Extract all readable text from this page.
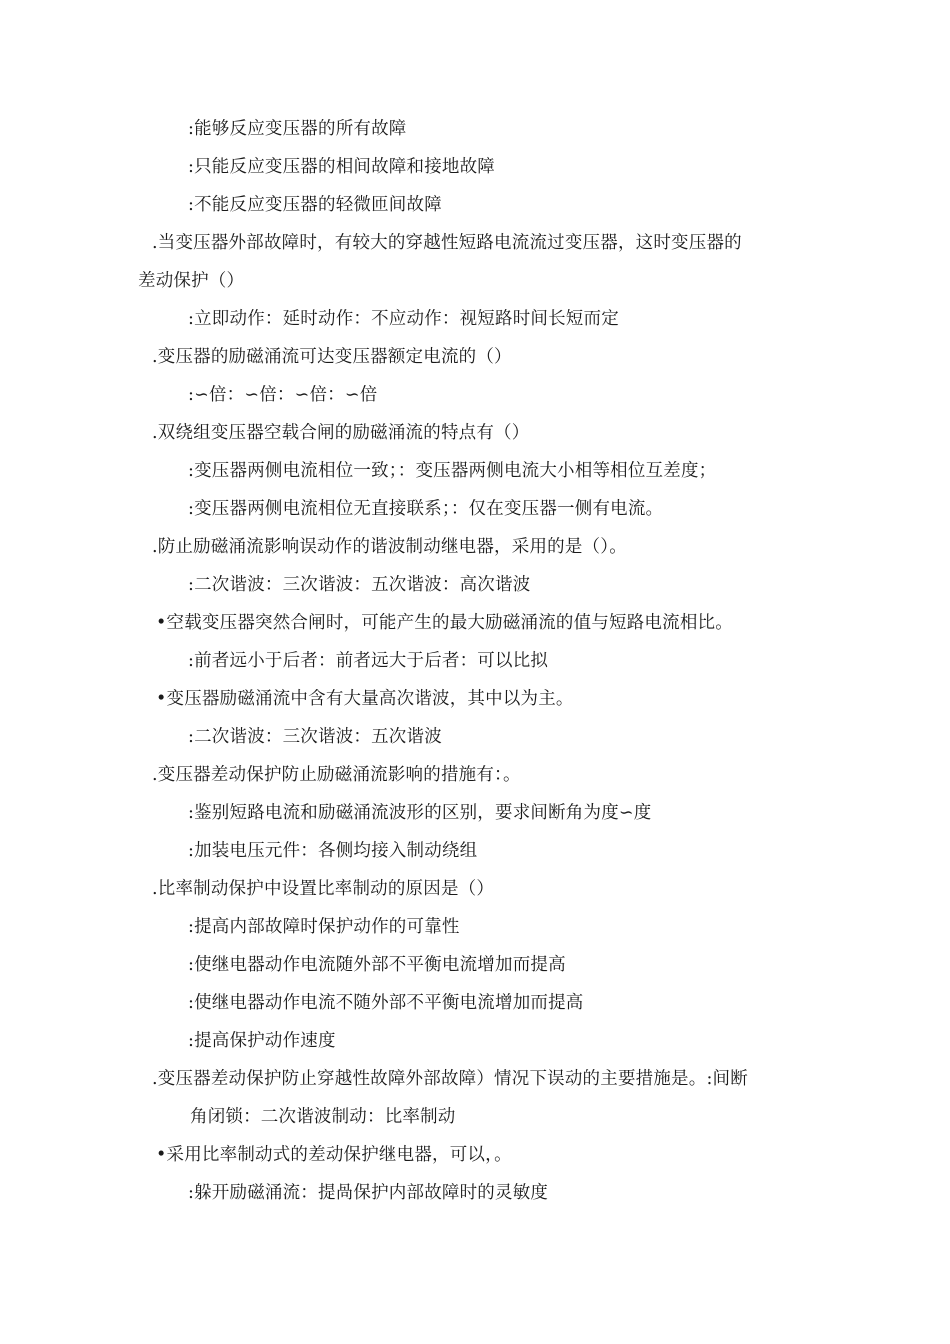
:能够反应变压器的所有故障
:只能反应变压器的相间故障和接地故障
:不能反应变压器的轻微匝间故障
.当变压器外部故障时，有较大的穿越性短路电流流过变压器，这时变压器的
差动保护（）
:立即动作：延时动作：不应动作：视短路时间长短而定
.变压器的励磁涌流可达变压器额定电流的（）
:∽倍：∽倍：∽倍：∽倍
.双绕组变压器空载合闸的励磁涌流的特点有（）
:变压器两侧电流相位一致；：变压器两侧电流大小相等相位互差度；
:变压器两侧电流相位无直接联系；：仅在变压器一侧有电流。
.防止励磁涌流影响误动作的谐波制动继电器，采用的是（）。
:二次谐波：三次谐波：五次谐波：高次谐波
•空载变压器突然合闸时，可能产生的最大励磁涌流的值与短路电流相比。
:前者远小于后者：前者远大于后者：可以比拟
•变压器励磁涌流中含有大量高次谐波，其中以为主。
:二次谐波：三次谐波：五次谐波
.变压器差动保护防止励磁涌流影响的措施有：。
:鉴别短路电流和励磁涌流波形的区别，要求间断角为度∽度
:加装电压元件：各侧均接入制动绕组
.比率制动保护中设置比率制动的原因是（）
:提高内部故障时保护动作的可靠性
:使继电器动作电流随外部不平衡电流增加而提高
:使继电器动作电流不随外部不平衡电流增加而提高
:提高保护动作速度
.变压器差动保护防止穿越性故障外部故障）情况下误动的主要措施是。:间断
角闭锁：二次谐波制动：比率制动
•采用比率制动式的差动保护继电器，可以，。
:躲开励磁涌流：提咼保护内部故障时的灵敏度
